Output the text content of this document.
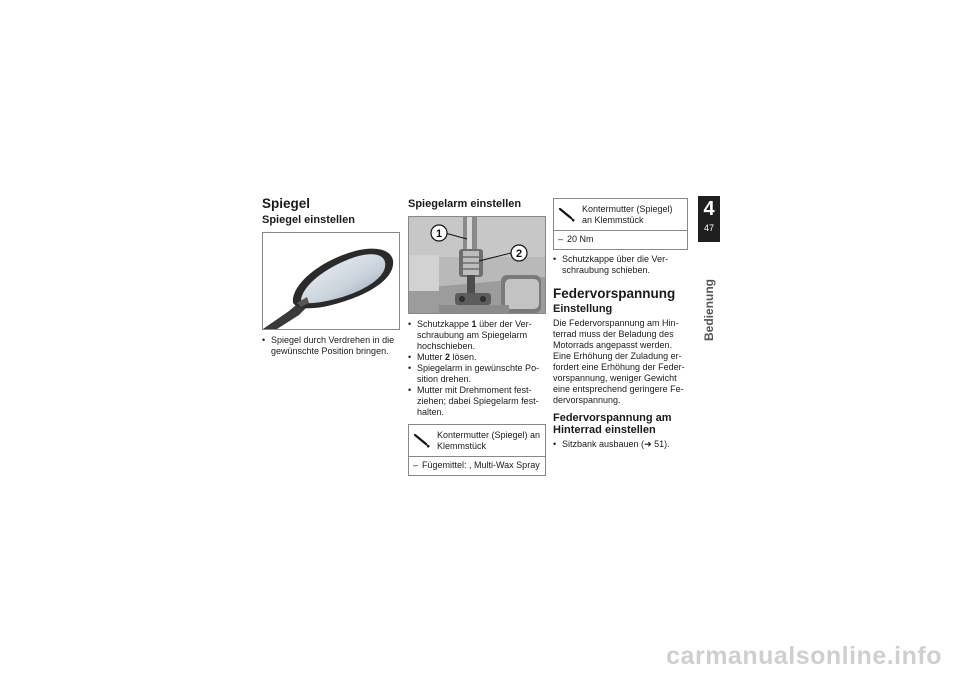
Spiegel
Spiegel einstellen
• Spiegel durch Verdrehen in die gewünschte Position bringen.
Spiegelarm einstellen
1
2
• Schutzkappe 1 über der Verschraubung am Spiegelarm hochschieben.
• Mutter 2 lösen.
• Spiegelarm in gewünschte Position drehen.
• Mutter mit Drehmoment festziehen; dabei Spiegelarm festhalten.
Kontermutter (Spiegel) an Klemmstück
– Fügemittel: , Multi-Wax Spray
Kontermutter (Spiegel) an Klemmstück
– 20 Nm
• Schutzkappe über die Verschraubung schieben.
Federvorspannung
Einstellung

Die Federvorspannung am Hinterrad muss der Beladung des Motorrads angepasst werden. Eine Erhöhung der Zuladung erfordert eine Erhöhung der Federvorspannung, weniger Gewicht eine entsprechend geringere Federvorspannung.

Federvorspannung am Hinterrad einstellen
• Sitzbank ausbauen (➜ 51).
4
47
Bedienung
carmanualsonline.info
